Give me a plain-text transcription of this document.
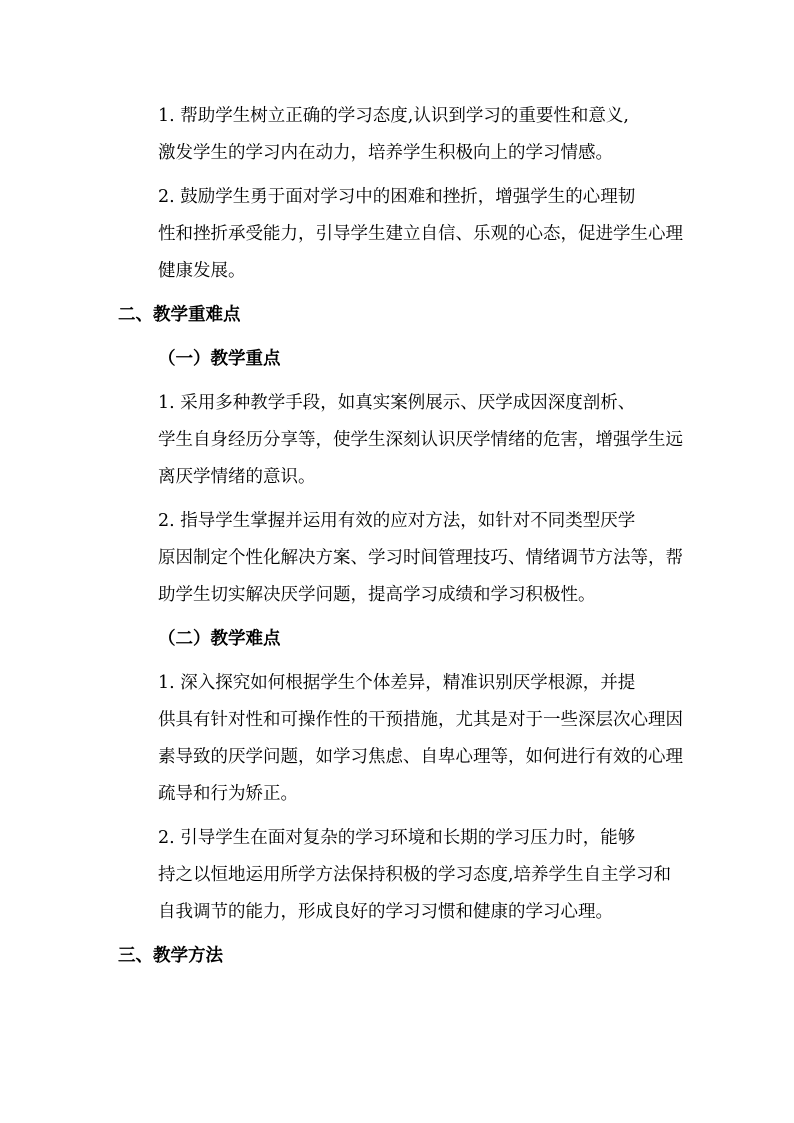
1. 帮助学生树立正确的学习态度,认识到学习的重要性和意义,
激发学生的学习内在动力，培养学生积极向上的学习情感。

2. 鼓励学生勇于面对学习中的困难和挫折，增强学生的心理韧
性和挫折承受能力，引导学生建立自信、乐观的心态，促进学生心理
健康发展。

二、教学重难点

（一）教学重点

1. 采用多种教学手段，如真实案例展示、厌学成因深度剖析、
学生自身经历分享等，使学生深刻认识厌学情绪的危害，增强学生远
离厌学情绪的意识。

2. 指导学生掌握并运用有效的应对方法，如针对不同类型厌学
原因制定个性化解决方案、学习时间管理技巧、情绪调节方法等，帮
助学生切实解决厌学问题，提高学习成绩和学习积极性。

（二）教学难点

1. 深入探究如何根据学生个体差异，精准识别厌学根源，并提
供具有针对性和可操作性的干预措施，尤其是对于一些深层次心理因
素导致的厌学问题，如学习焦虑、自卑心理等，如何进行有效的心理
疏导和行为矫正。

2. 引导学生在面对复杂的学习环境和长期的学习压力时，能够
持之以恒地运用所学方法保持积极的学习态度,培养学生自主学习和
自我调节的能力，形成良好的学习习惯和健康的学习心理。

三、教学方法
